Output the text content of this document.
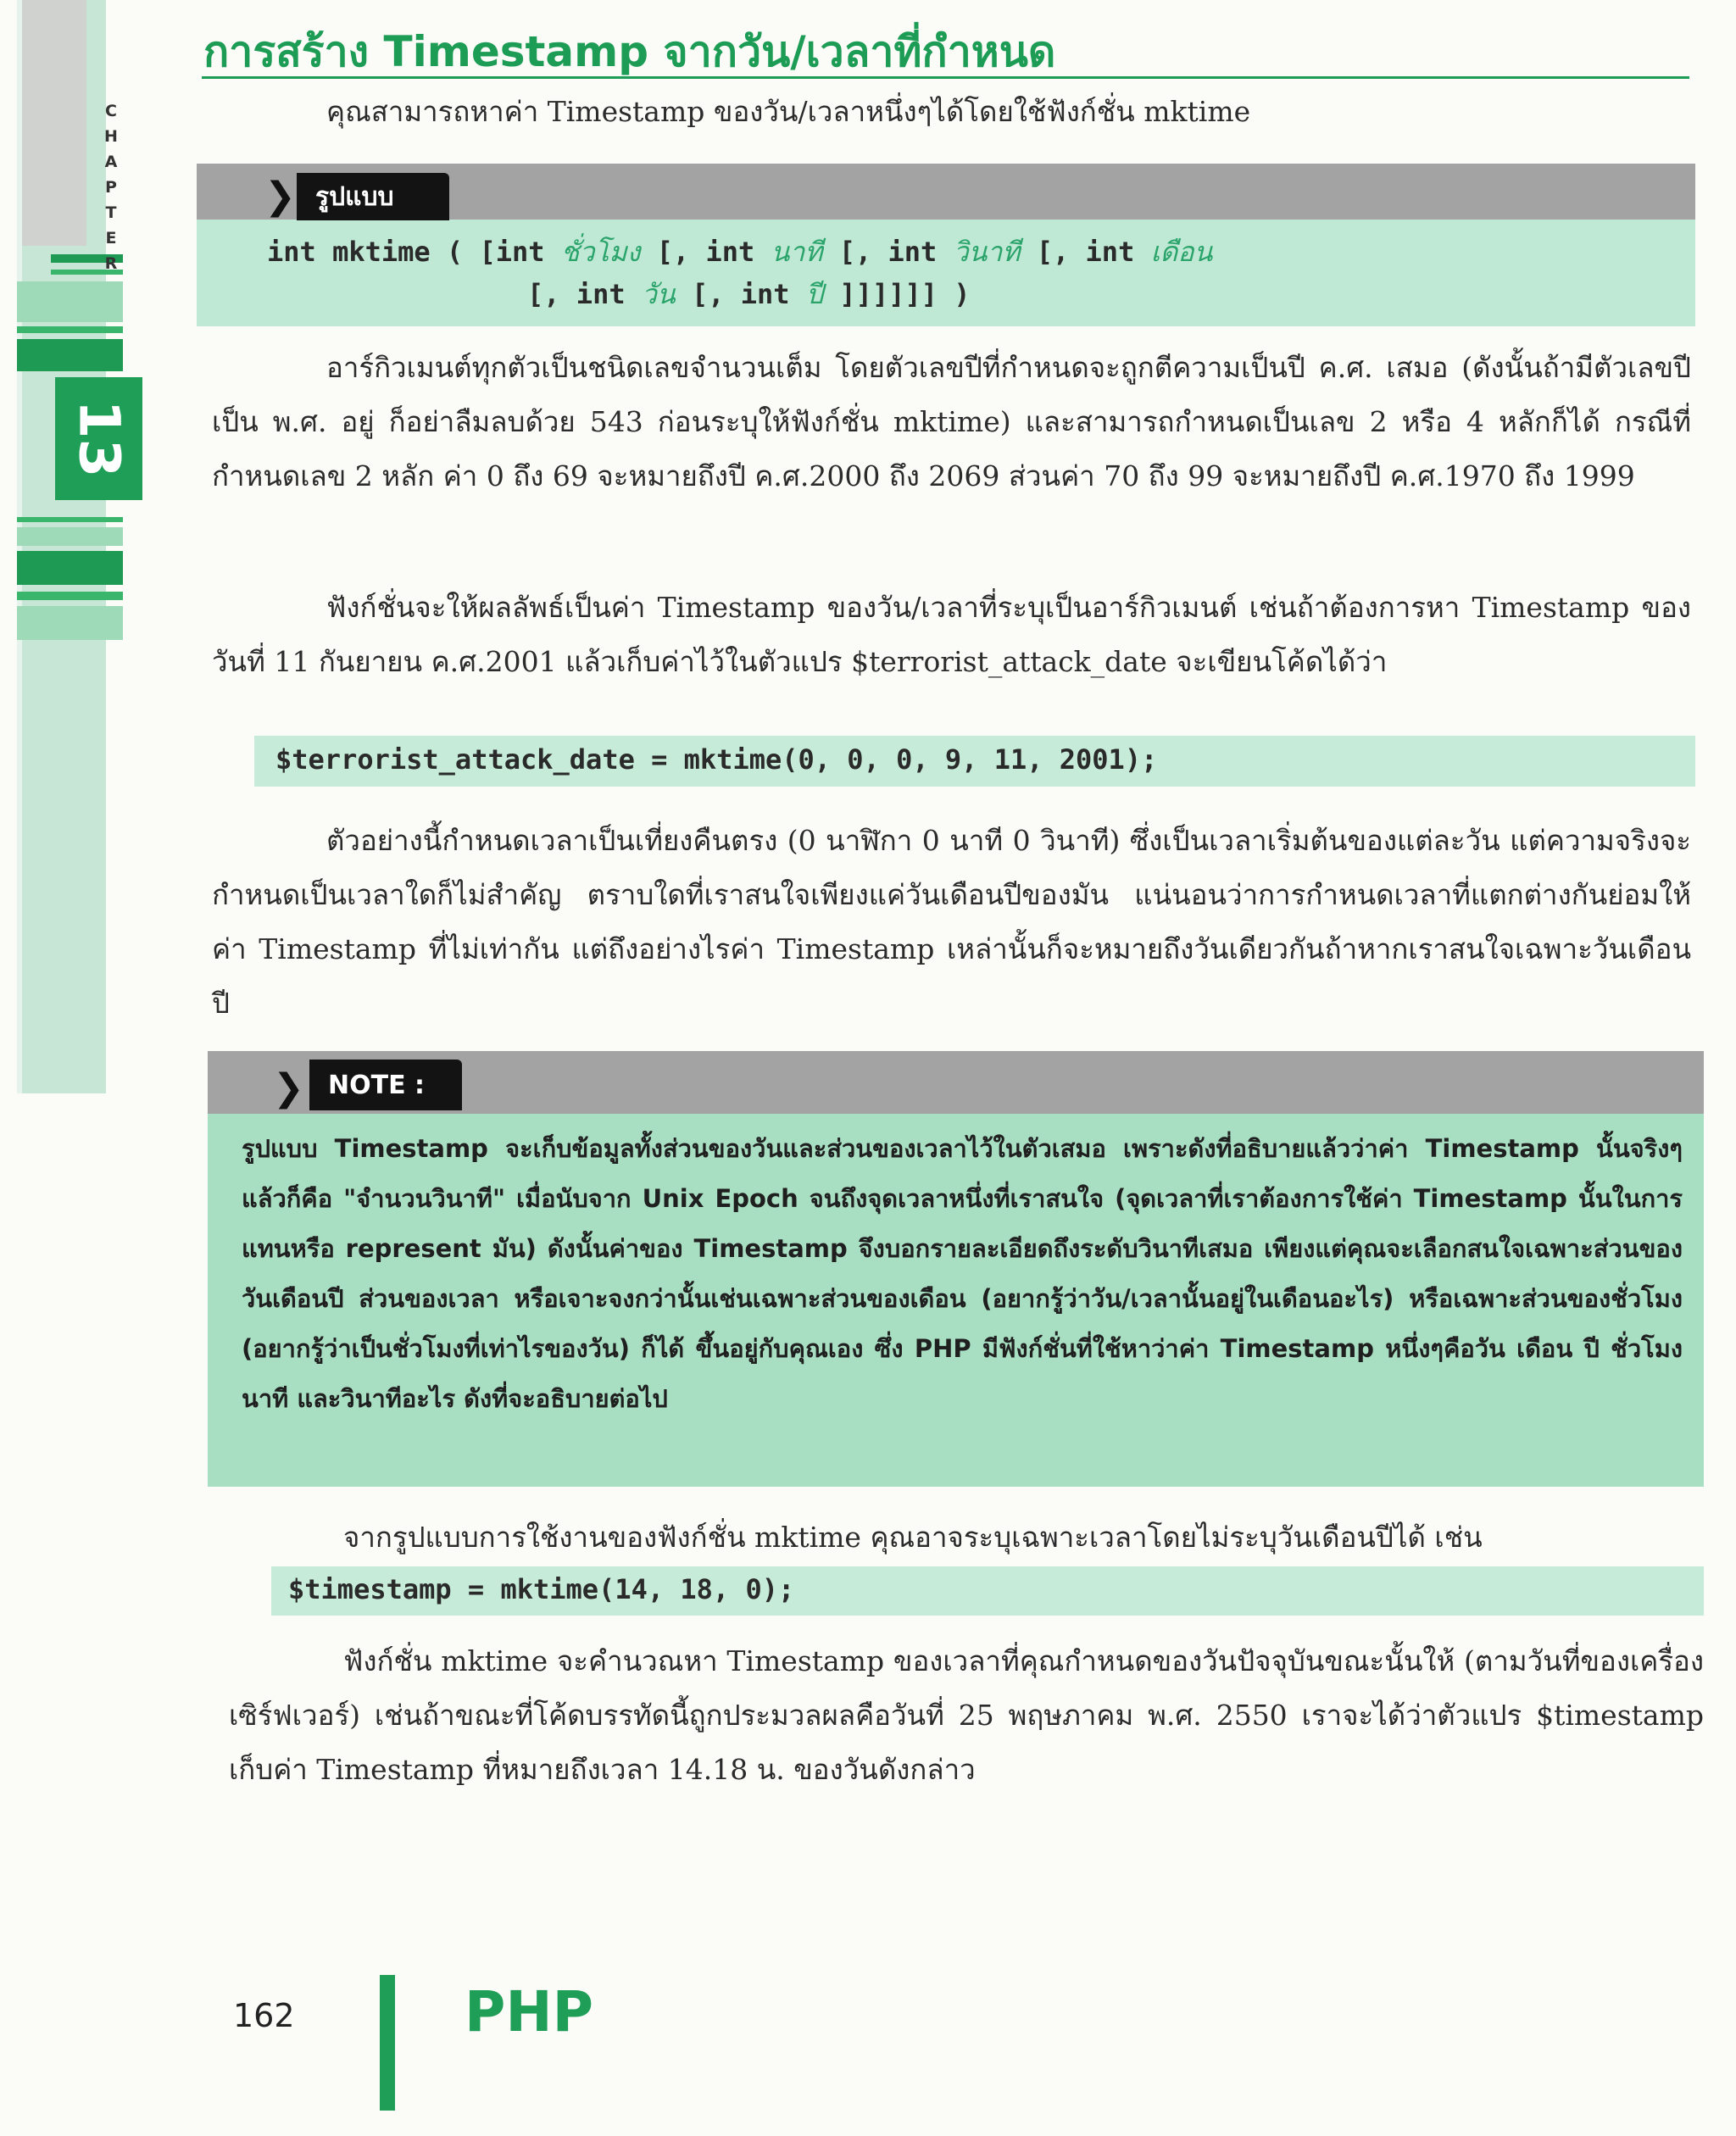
CHAPTER
13
การสร้าง Timestamp จากวัน/เวลาที่กำหนด

คุณสามารถหาค่า Timestamp ของวัน/เวลาหนึ่งๆได้โดยใช้ฟังก์ชั่น mktime

❯ รูปแบบ
int mktime ( [int ชั่วโมง [, int นาที [, int วินาที [, int เดือน
[, int วัน [, int ปี ]]]]]] )

อาร์กิวเมนต์ทุกตัวเป็นชนิดเลขจำนวนเต็ม โดยตัวเลขปีที่กำหนดจะถูกตีความเป็นปี ค.ศ. เสมอ (ดังนั้นถ้ามีตัวเลขปีเป็น พ.ศ. อยู่ ก็อย่าลืมลบด้วย 543 ก่อนระบุให้ฟังก์ชั่น mktime) และสามารถกำหนดเป็นเลข 2 หรือ 4 หลักก็ได้ กรณีที่กำหนดเลข 2 หลัก ค่า 0 ถึง 69 จะหมายถึงปี ค.ศ.2000 ถึง 2069 ส่วนค่า 70 ถึง 99 จะหมายถึงปี ค.ศ.1970 ถึง 1999

ฟังก์ชั่นจะให้ผลลัพธ์เป็นค่า Timestamp ของวัน/เวลาที่ระบุเป็นอาร์กิวเมนต์ เช่นถ้าต้องการหา Timestamp ของวันที่ 11 กันยายน ค.ศ.2001 แล้วเก็บค่าไว้ในตัวแปร $terrorist_attack_date จะเขียนโค้ดได้ว่า

$terrorist_attack_date = mktime(0, 0, 0, 9, 11, 2001);

ตัวอย่างนี้กำหนดเวลาเป็นเที่ยงคืนตรง (0 นาฬิกา 0 นาที 0 วินาที) ซึ่งเป็นเวลาเริ่มต้นของแต่ละวัน แต่ความจริงจะกำหนดเป็นเวลาใดก็ไม่สำคัญ ตราบใดที่เราสนใจเพียงแค่วันเดือนปีของมัน แน่นอนว่าการกำหนดเวลาที่แตกต่างกันย่อมให้ค่า Timestamp ที่ไม่เท่ากัน แต่ถึงอย่างไรค่า Timestamp เหล่านั้นก็จะหมายถึงวันเดียวกันถ้าหากเราสนใจเฉพาะวันเดือนปี

❯ NOTE :

รูปแบบ Timestamp จะเก็บข้อมูลทั้งส่วนของวันและส่วนของเวลาไว้ในตัวเสมอ เพราะดังที่อธิบายแล้วว่าค่า Timestamp นั้นจริงๆแล้วก็คือ "จำนวนวินาที" เมื่อนับจาก Unix Epoch จนถึงจุดเวลาหนึ่งที่เราสนใจ (จุดเวลาที่เราต้องการใช้ค่า Timestamp นั้นในการแทนหรือ represent มัน) ดังนั้นค่าของ Timestamp จึงบอกรายละเอียดถึงระดับวินาทีเสมอ เพียงแต่คุณจะเลือกสนใจเฉพาะส่วนของวันเดือนปี ส่วนของเวลา หรือเจาะจงกว่านั้นเช่นเฉพาะส่วนของเดือน (อยากรู้ว่าวัน/เวลานั้นอยู่ในเดือนอะไร) หรือเฉพาะส่วนของชั่วโมง (อยากรู้ว่าเป็นชั่วโมงที่เท่าไรของวัน) ก็ได้ ขึ้นอยู่กับคุณเอง ซึ่ง PHP มีฟังก์ชั่นที่ใช้หาว่าค่า Timestamp หนึ่งๆคือวัน เดือน ปี ชั่วโมง นาที และวินาทีอะไร ดังที่จะอธิบายต่อไป

จากรูปแบบการใช้งานของฟังก์ชั่น mktime คุณอาจระบุเฉพาะเวลาโดยไม่ระบุวันเดือนปีได้ เช่น

$timestamp = mktime(14, 18, 0);

ฟังก์ชั่น mktime จะคำนวณหา Timestamp ของเวลาที่คุณกำหนดของวันปัจจุบันขณะนั้นให้ (ตามวันที่ของเครื่องเซิร์ฟเวอร์) เช่นถ้าขณะที่โค้ดบรรทัดนี้ถูกประมวลผลคือวันที่ 25 พฤษภาคม พ.ศ. 2550 เราจะได้ว่าตัวแปร $timestamp เก็บค่า Timestamp ที่หมายถึงเวลา 14.18 น. ของวันดังกล่าว

162	PHP
